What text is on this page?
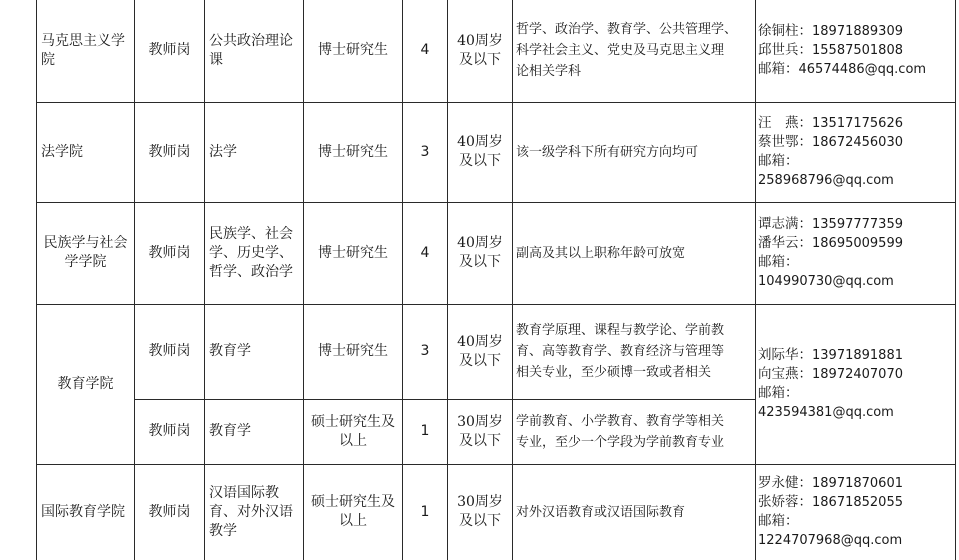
马克思主义学院	教师岗	公共政治理论课	博士研究生	4	40周岁
及以下	哲学、政治学、教育学、公共管理学、
科学社会主义、党史及马克思主义理
论相关学科	徐铜柱：18971889309
邱世兵：15587501808
邮箱：46574486@qq.com

法学院	教师岗	法学	博士研究生	3	40周岁
及以下	该一级学科下所有研究方向均可	汪　燕：13517175626
蔡世鄂：18672456030
邮箱：
258968796@qq.com

民族学与社会学学院	教师岗	民族学、社会学、历史学、哲学、政治学	博士研究生	4	40周岁
及以下	副高及其以上职称年龄可放宽	谭志满：13597777359
潘华云：18695009599
邮箱：
104990730@qq.com

教育学院	教师岗	教育学	博士研究生	3	40周岁
及以下	教育学原理、课程与教学论、学前教
育、高等教育学、教育经济与管理等
相关专业，至少硕博一致或者相关	刘际华：13971891881
向宝燕：18972407070
邮箱：
423594381@qq.com

	教师岗	教育学	硕士研究生及
以上	1	30周岁
及以下	学前教育、小学教育、教育学等相关
专业，至少一个学段为学前教育专业	

国际教育学院	教师岗	汉语国际教育、对外汉语教学	硕士研究生及
以上	1	30周岁
及以下	对外汉语教育或汉语国际教育	罗永健：18971870601
张娇蓉：18671852055
邮箱：
1224707968@qq.com
